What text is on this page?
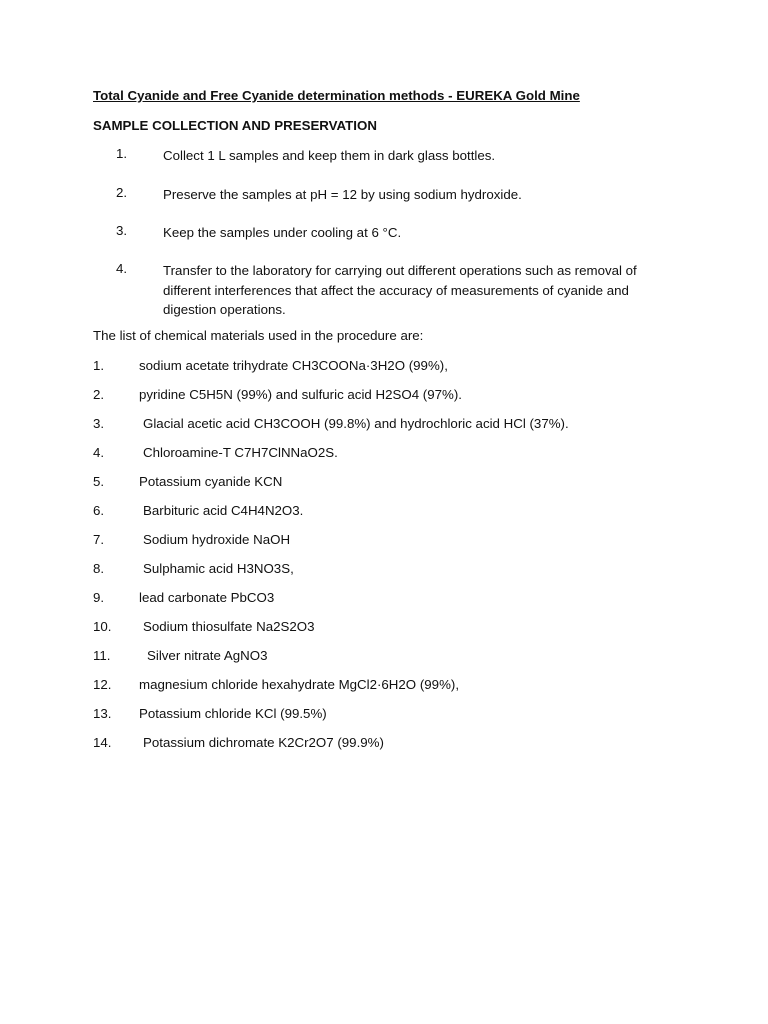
Total Cyanide and Free Cyanide determination methods - EUREKA Gold Mine
SAMPLE COLLECTION AND PRESERVATION
1.	Collect 1 L samples and keep them in dark glass bottles.
2.	Preserve the samples at pH = 12 by using sodium hydroxide.
3.	Keep the samples under cooling at 6 °C.
4.	Transfer to the laboratory for carrying out different operations such as removal of different interferences that affect the accuracy of measurements of cyanide and digestion operations.
The list of chemical materials used in the procedure are:
1.	sodium acetate trihydrate CH3COONa·3H2O (99%),
2.	pyridine C5H5N (99%) and sulfuric acid H2SO4 (97%).
3.	Glacial acetic acid CH3COOH (99.8%) and hydrochloric acid HCl (37%).
4.	Chloroamine-T C7H7ClNNaO2S.
5.	Potassium cyanide KCN
6.	Barbituric acid C4H4N2O3.
7.	Sodium hydroxide NaOH
8.	Sulphamic acid H3NO3S,
9.	lead carbonate PbCO3
10. Sodium thiosulfate Na2S2O3
11.	Silver nitrate AgNO3
12. magnesium chloride hexahydrate MgCl2·6H2O (99%),
13. Potassium chloride KCl (99.5%)
14. Potassium dichromate K2Cr2O7 (99.9%)
